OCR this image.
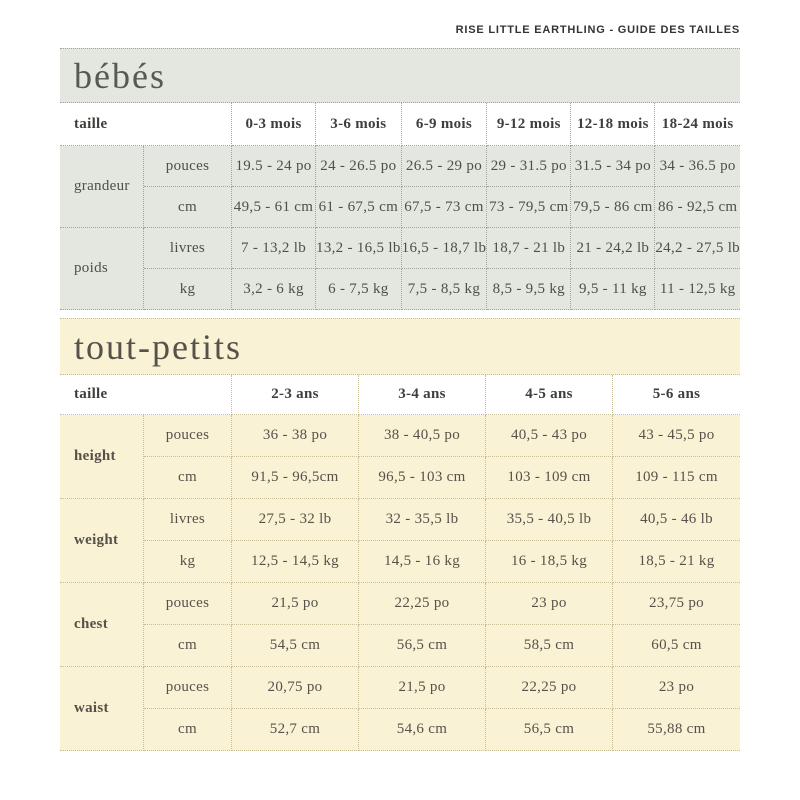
RISE LITTLE EARTHLING - GUIDE DES TAILLES
bébés
taille	0-3 mois	3-6 mois	6-9 mois	9-12 mois	12-18 mois 18-24 mois
grandeur
pouces	19.5 - 24 po 24 - 26.5 po 26.5 - 29 po 29 - 31.5 po 31.5 - 34 po 34 - 36.5 po
cm	49,5 - 61 cm 61 - 67,5 cm 67,5 - 73 cm 73 - 79,5 cm 79,5 - 86 cm 86 - 92,5 cm
poids
livres	7 - 13,2 lb 13,2 - 16,5 lb 16,5 - 18,7 lb 18,7 - 21 lb 21 - 24,2 lb 24,2 - 27,5 lb
kg	3,2 - 6 kg	6 - 7,5 kg	7,5 - 8,5 kg 8,5 - 9,5 kg 9,5 - 11 kg 11 - 12,5 kg
tout-petits
taille	2-3 ans	3-4 ans	4-5 ans	5-6 ans
height
pouces	36 - 38 po	38 - 40,5 po	40,5 - 43 po	43 - 45,5 po
cm	91,5 - 96,5cm	96,5 - 103 cm	103 - 109 cm	109 - 115 cm
weight
livres	27,5 - 32 lb	32 - 35,5 lb	35,5 - 40,5 lb	40,5 - 46 lb
kg	12,5 - 14,5 kg	14,5 - 16 kg	16 - 18,5 kg	18,5 - 21 kg
chest
pouces	21,5 po	22,25 po	23 po	23,75 po
cm	54,5 cm	56,5 cm	58,5 cm	60,5 cm
waist
pouces	20,75 po	21,5 po	22,25 po	23 po
cm	52,7 cm	54,6 cm	56,5 cm	55,88 cm
